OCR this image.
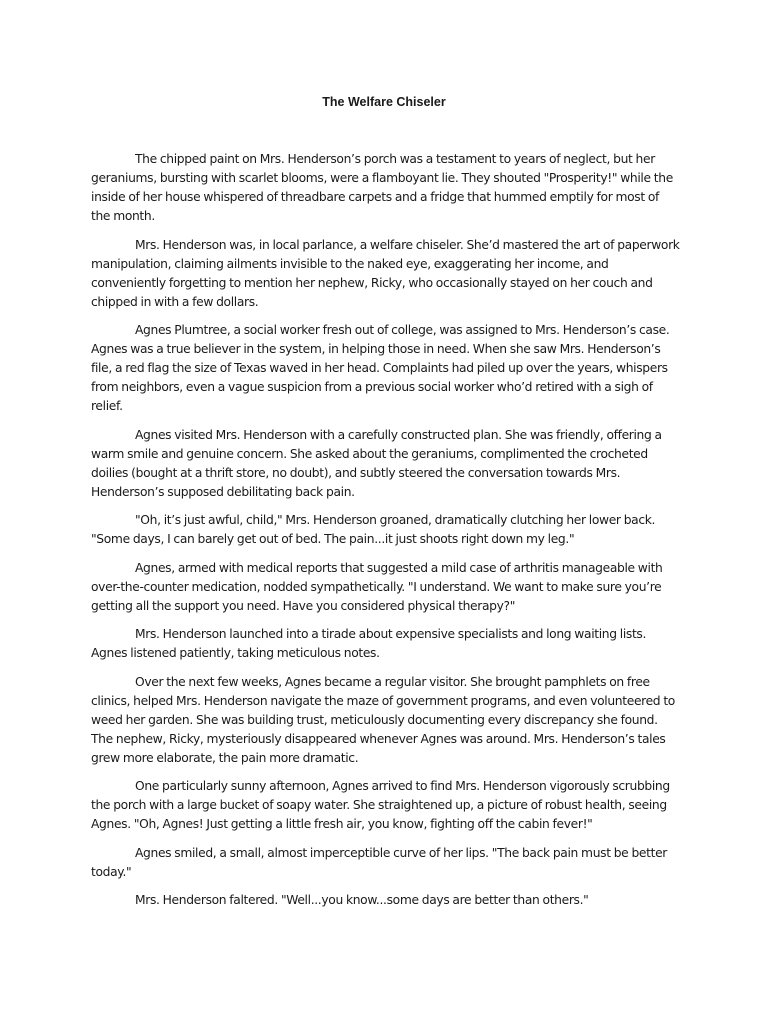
The Welfare Chiseler

The chipped paint on Mrs. Henderson’s porch was a testament to years of neglect, but her geraniums, bursting with scarlet blooms, were a flamboyant lie. They shouted "Prosperity!" while the inside of her house whispered of threadbare carpets and a fridge that hummed emptily for most of the month.

Mrs. Henderson was, in local parlance, a welfare chiseler. She’d mastered the art of paperwork manipulation, claiming ailments invisible to the naked eye, exaggerating her income, and conveniently forgetting to mention her nephew, Ricky, who occasionally stayed on her couch and chipped in with a few dollars.

Agnes Plumtree, a social worker fresh out of college, was assigned to Mrs. Henderson’s case. Agnes was a true believer in the system, in helping those in need. When she saw Mrs. Henderson’s file, a red flag the size of Texas waved in her head. Complaints had piled up over the years, whispers from neighbors, even a vague suspicion from a previous social worker who’d retired with a sigh of relief.

Agnes visited Mrs. Henderson with a carefully constructed plan. She was friendly, offering a warm smile and genuine concern. She asked about the geraniums, complimented the crocheted doilies (bought at a thrift store, no doubt), and subtly steered the conversation towards Mrs. Henderson’s supposed debilitating back pain.

"Oh, it’s just awful, child," Mrs. Henderson groaned, dramatically clutching her lower back. "Some days, I can barely get out of bed. The pain...it just shoots right down my leg."

Agnes, armed with medical reports that suggested a mild case of arthritis manageable with over-the-counter medication, nodded sympathetically. "I understand. We want to make sure you’re getting all the support you need. Have you considered physical therapy?"

Mrs. Henderson launched into a tirade about expensive specialists and long waiting lists. Agnes listened patiently, taking meticulous notes.

Over the next few weeks, Agnes became a regular visitor. She brought pamphlets on free clinics, helped Mrs. Henderson navigate the maze of government programs, and even volunteered to weed her garden. She was building trust, meticulously documenting every discrepancy she found. The nephew, Ricky, mysteriously disappeared whenever Agnes was around. Mrs. Henderson’s tales grew more elaborate, the pain more dramatic.

One particularly sunny afternoon, Agnes arrived to find Mrs. Henderson vigorously scrubbing the porch with a large bucket of soapy water. She straightened up, a picture of robust health, seeing Agnes. "Oh, Agnes! Just getting a little fresh air, you know, fighting off the cabin fever!"

Agnes smiled, a small, almost imperceptible curve of her lips. "The back pain must be better today."

Mrs. Henderson faltered. "Well...you know...some days are better than others."
